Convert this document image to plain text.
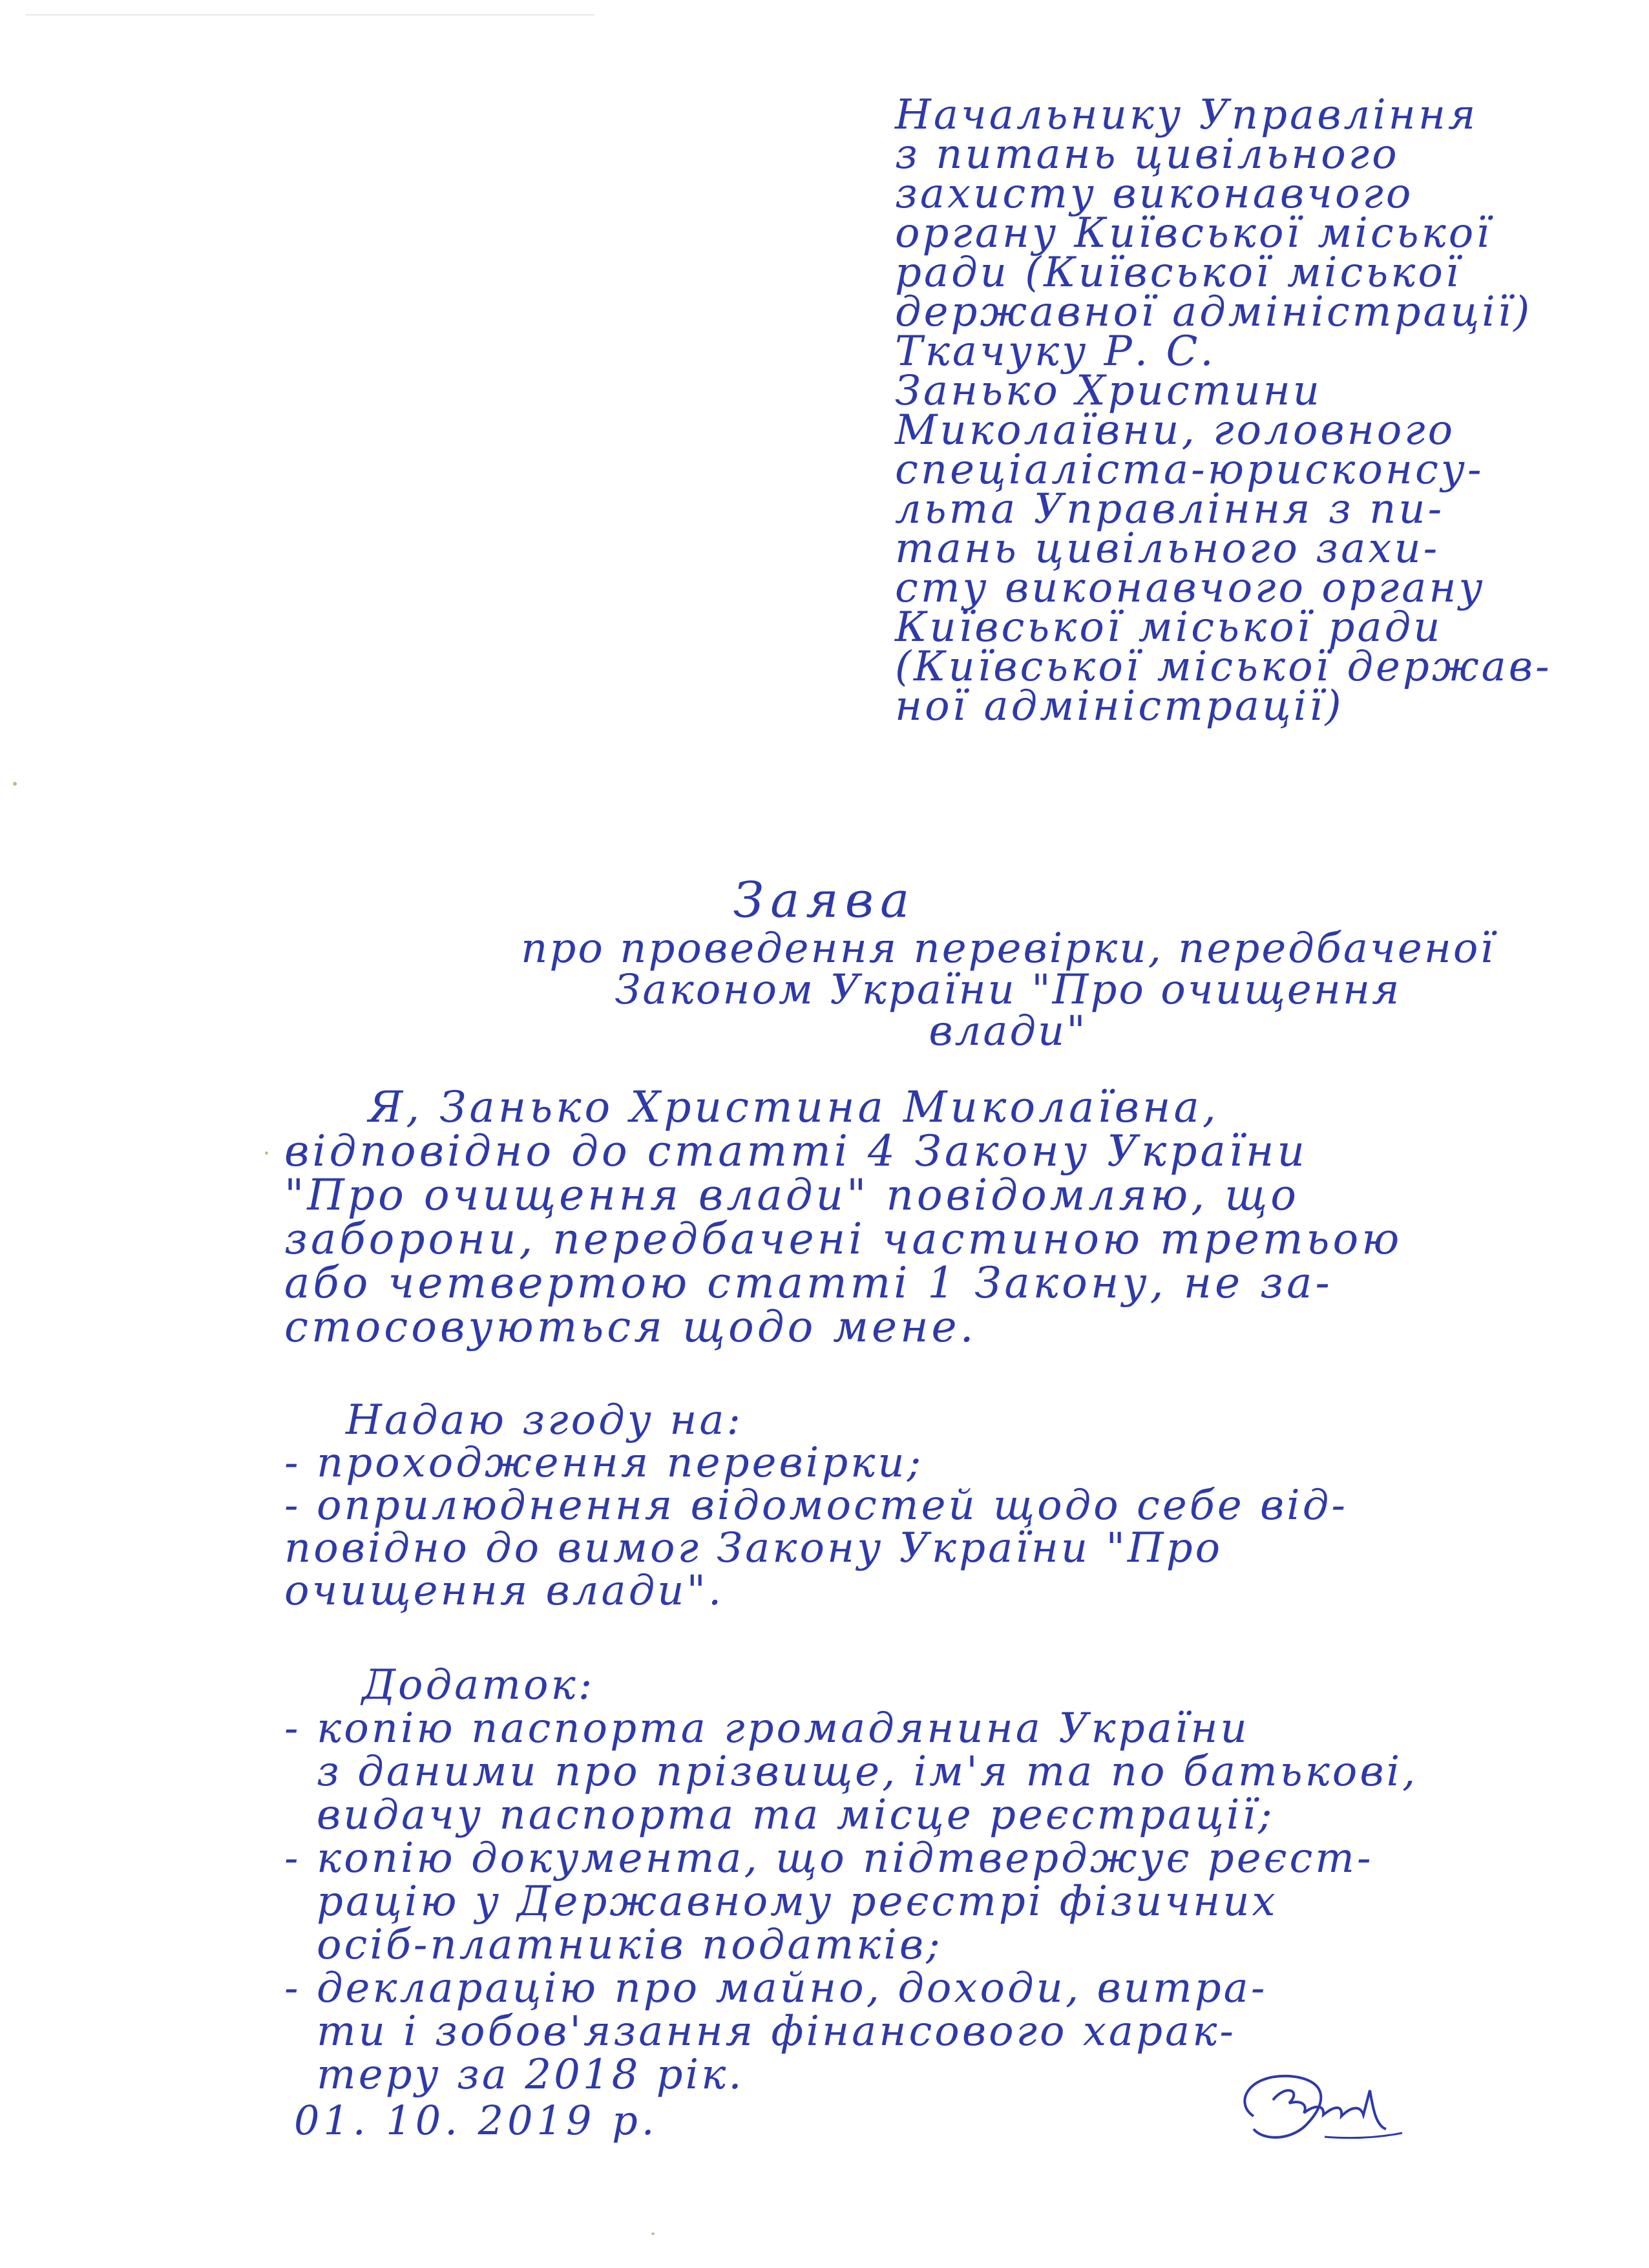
Начальнику Управління
з питань цивільного
захисту виконавчого
органу Київської міської
ради (Київської міської
державної адміністрації)
Ткачуку Р. С.
Занько Христини
Миколаївни, головного
спеціаліста-юрисконсу-
льта Управління з пи-
тань цивільного захи-
сту виконавчого органу
Київської міської ради
(Київської міської держав-
ної адміністрації)
Заява
про проведення перевірки, передбаченої
Законом України "Про очищення
влади"
Я, Занько Христина Миколаївна,
відповідно до статті 4 Закону України
"Про очищення влади" повідомляю, що
заборони, передбачені частиною третьою
або четвертою статті 1 Закону, не за-
стосовуються щодо мене.
Надаю згоду на:
- проходження перевірки;
- оприлюднення відомостей щодо себе від-
повідно до вимог Закону України "Про
очищення влади".
Додаток:
- копію паспорта громадянина України
з даними про прізвище, ім'я та по батькові,
видачу паспорта та місце реєстрації;
- копію документа, що підтверджує реєст-
рацію у Державному реєстрі фізичних
осіб-платників податків;
- декларацію про майно, доходи, витра-
ти і зобов'язання фінансового харак-
теру за 2018 рік.
01. 10. 2019 р.
